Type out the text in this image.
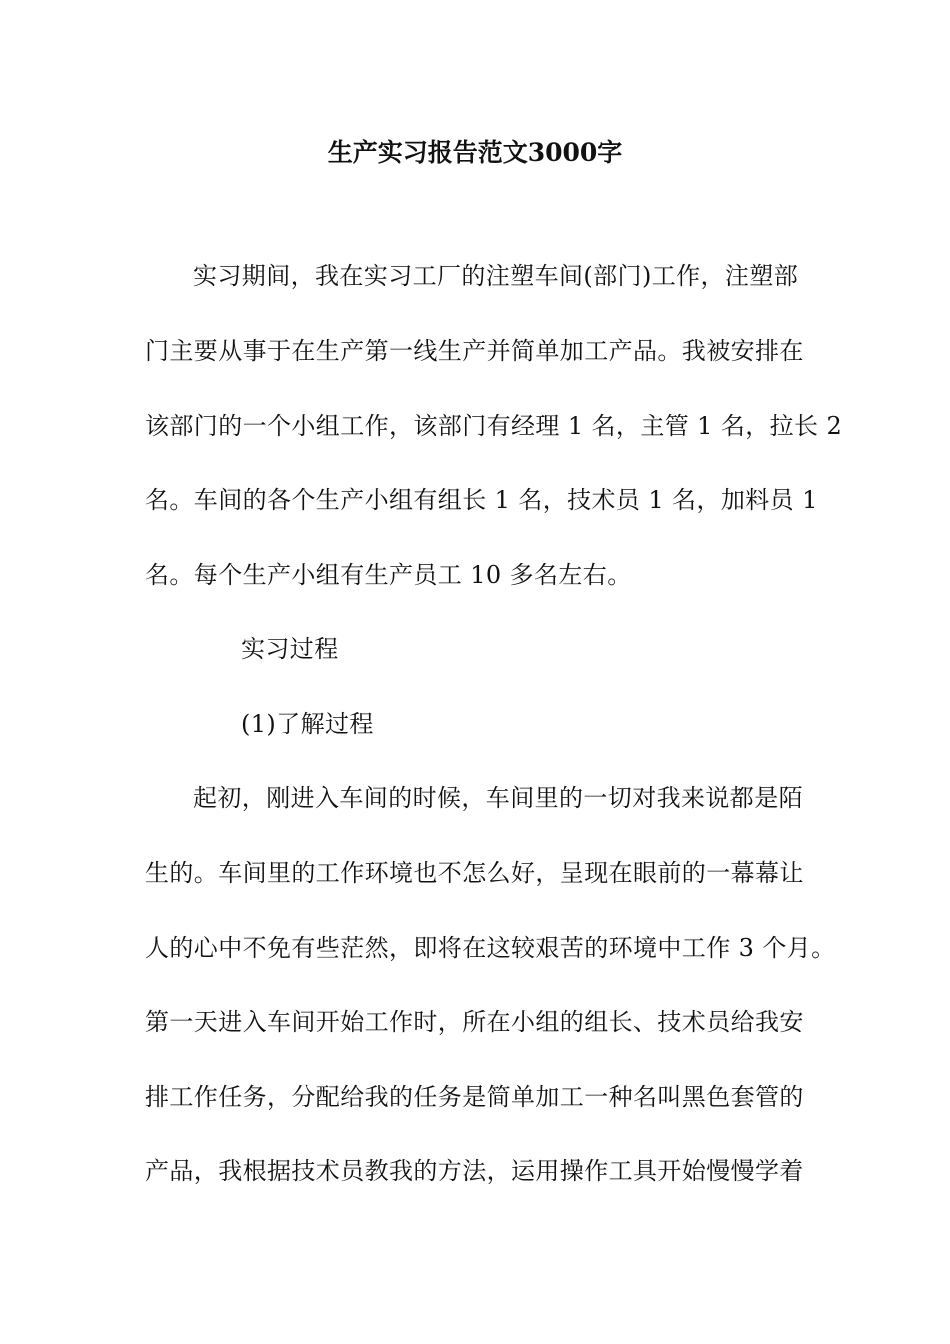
生产实习报告范文3000字
实习期间，我在实习工厂的注塑车间(部门)工作，注塑部
门主要从事于在生产第一线生产并简单加工产品。我被安排在
该部门的一个小组工作，该部门有经理 1 名，主管 1 名，拉长 2
名。车间的各个生产小组有组长 1 名，技术员 1 名，加料员 1
名。每个生产小组有生产员工 10 多名左右。
实习过程
(1)了解过程
起初，刚进入车间的时候，车间里的一切对我来说都是陌
生的。车间里的工作环境也不怎么好，呈现在眼前的一幕幕让
人的心中不免有些茫然，即将在这较艰苦的环境中工作 3 个月。
第一天进入车间开始工作时，所在小组的组长、技术员给我安
排工作任务，分配给我的任务是简单加工一种名叫黑色套管的
产品，我根据技术员教我的方法，运用操作工具开始慢慢学着
